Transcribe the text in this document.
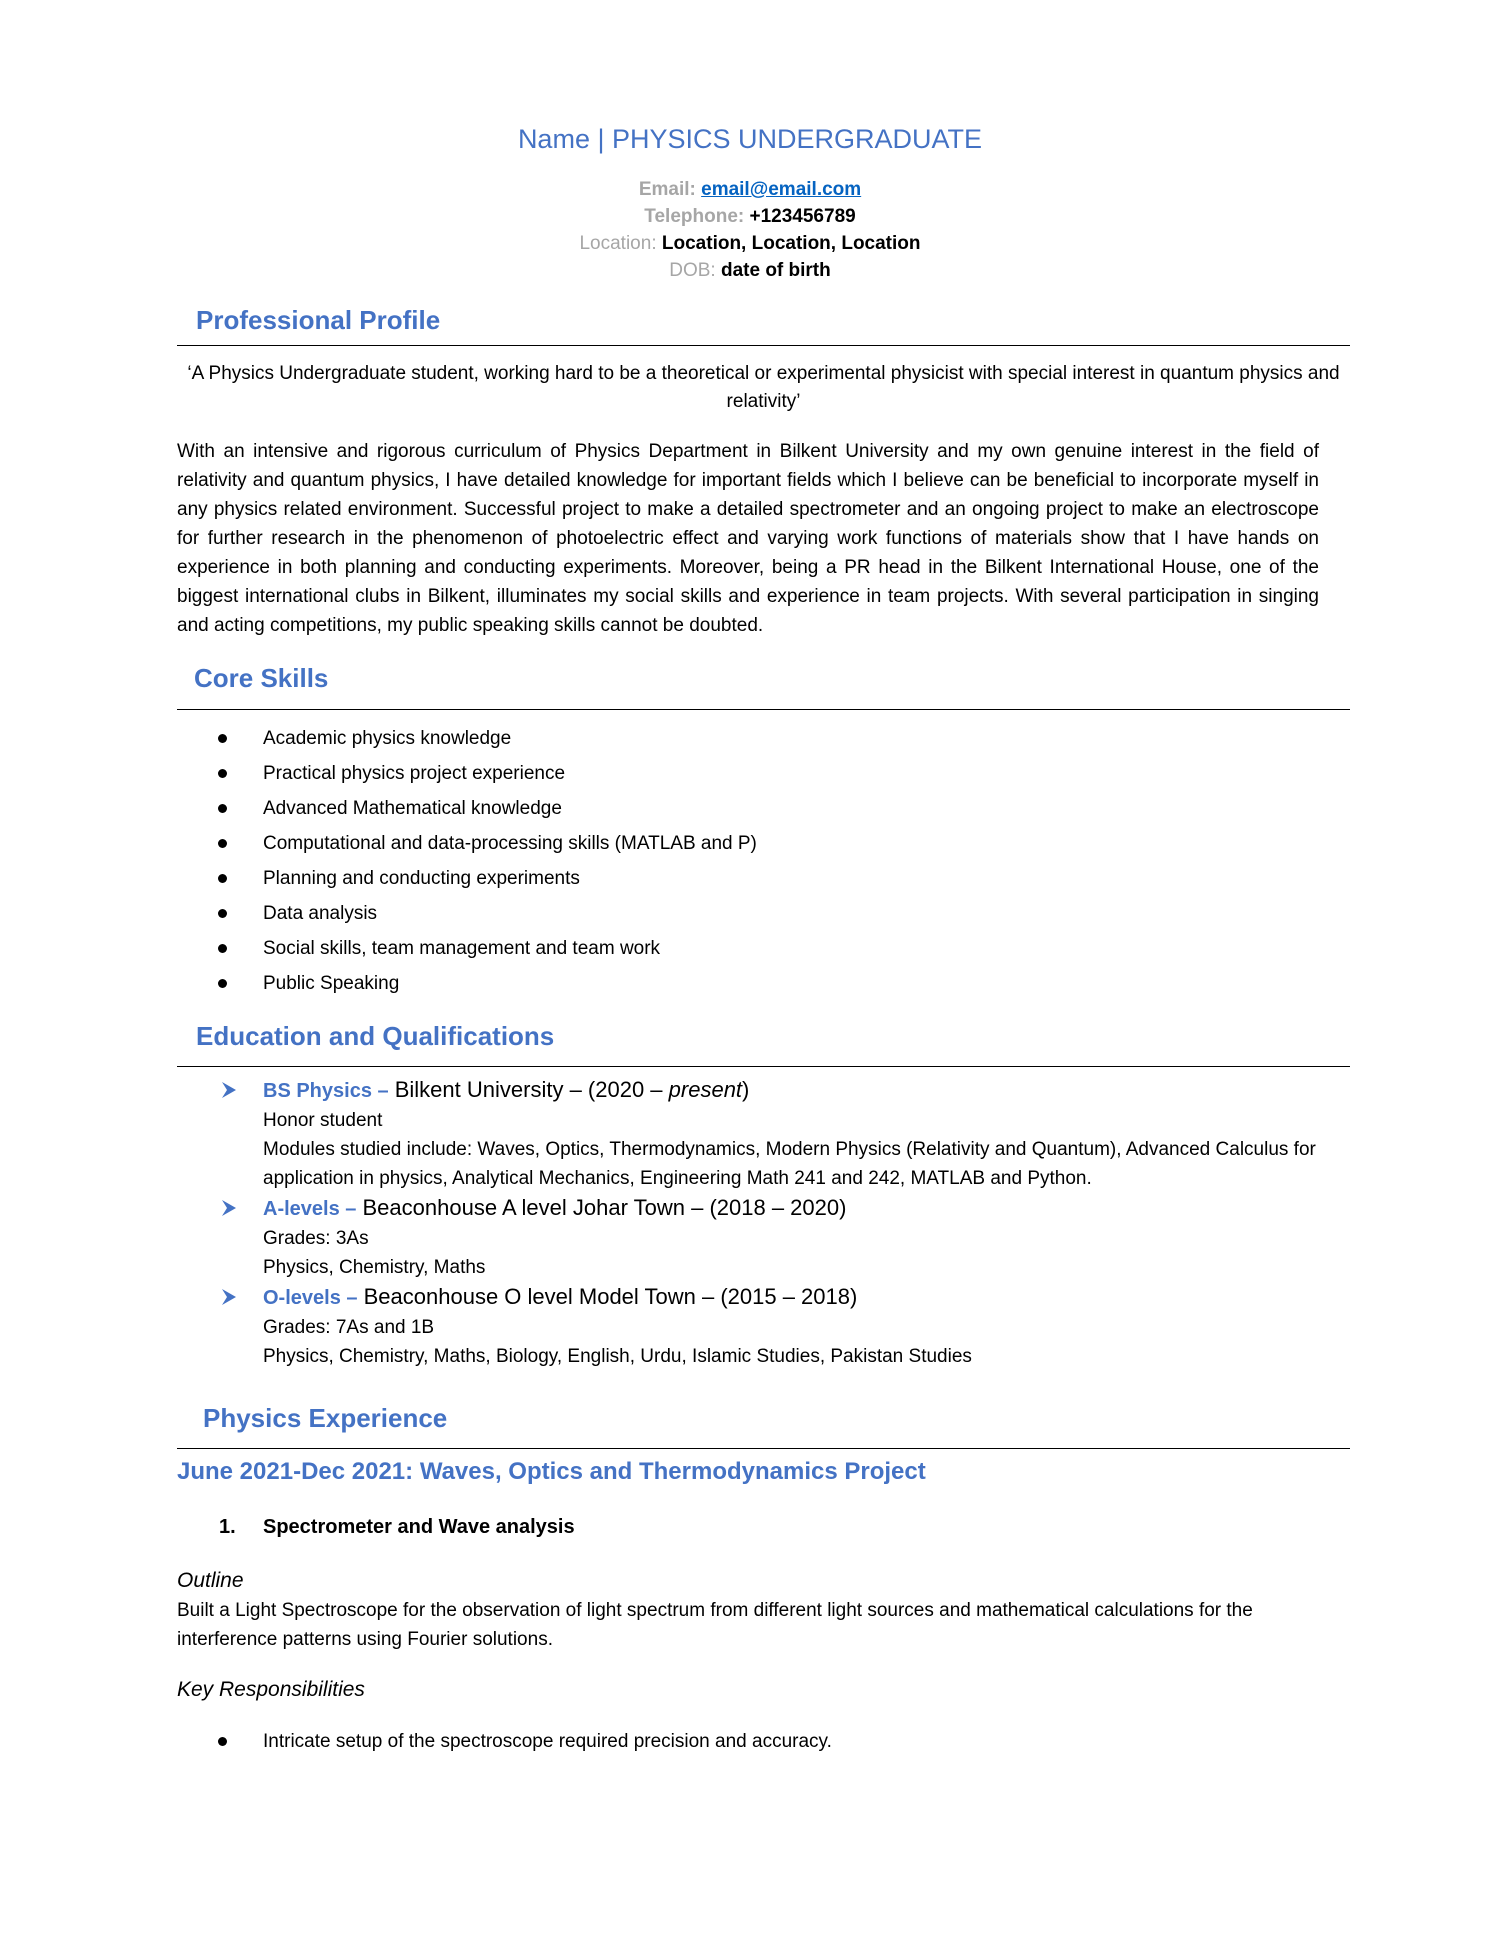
Name | PHYSICS UNDERGRADUATE
Email: email@email.com
Telephone: +123456789
Location: Location, Location, Location
DOB: date of birth
Professional Profile
‘A Physics Undergraduate student, working hard to be a theoretical or experimental physicist with special interest in quantum physics and relativity’
With an intensive and rigorous curriculum of Physics Department in Bilkent University and my own genuine interest in the field of relativity and quantum physics, I have detailed knowledge for important fields which I believe can be beneficial to incorporate myself in any physics related environment. Successful project to make a detailed spectrometer and an ongoing project to make an electroscope for further research in the phenomenon of photoelectric effect and varying work functions of materials show that I have hands on experience in both planning and conducting experiments. Moreover, being a PR head in the Bilkent International House, one of the biggest international clubs in Bilkent, illuminates my social skills and experience in team projects. With several participation in singing and acting competitions, my public speaking skills cannot be doubted.
Core Skills
Academic physics knowledge
Practical physics project experience
Advanced Mathematical knowledge
Computational and data-processing skills (MATLAB and P)
Planning and conducting experiments
Data analysis
Social skills, team management and team work
Public Speaking
Education and Qualifications
BS Physics – Bilkent University – (2020 – present)
Honor student
Modules studied include: Waves, Optics, Thermodynamics, Modern Physics (Relativity and Quantum), Advanced Calculus for application in physics, Analytical Mechanics, Engineering Math 241 and 242, MATLAB and Python.
A-levels – Beaconhouse A level Johar Town – (2018 – 2020)
Grades: 3As
Physics, Chemistry, Maths
O-levels – Beaconhouse O level Model Town – (2015 – 2018)
Grades: 7As and 1B
Physics, Chemistry, Maths, Biology, English, Urdu, Islamic Studies, Pakistan Studies
Physics Experience
June 2021-Dec 2021: Waves, Optics and Thermodynamics Project
1. Spectrometer and Wave analysis
Outline
Built a Light Spectroscope for the observation of light spectrum from different light sources and mathematical calculations for the interference patterns using Fourier solutions.
Key Responsibilities
Intricate setup of the spectroscope required precision and accuracy.
